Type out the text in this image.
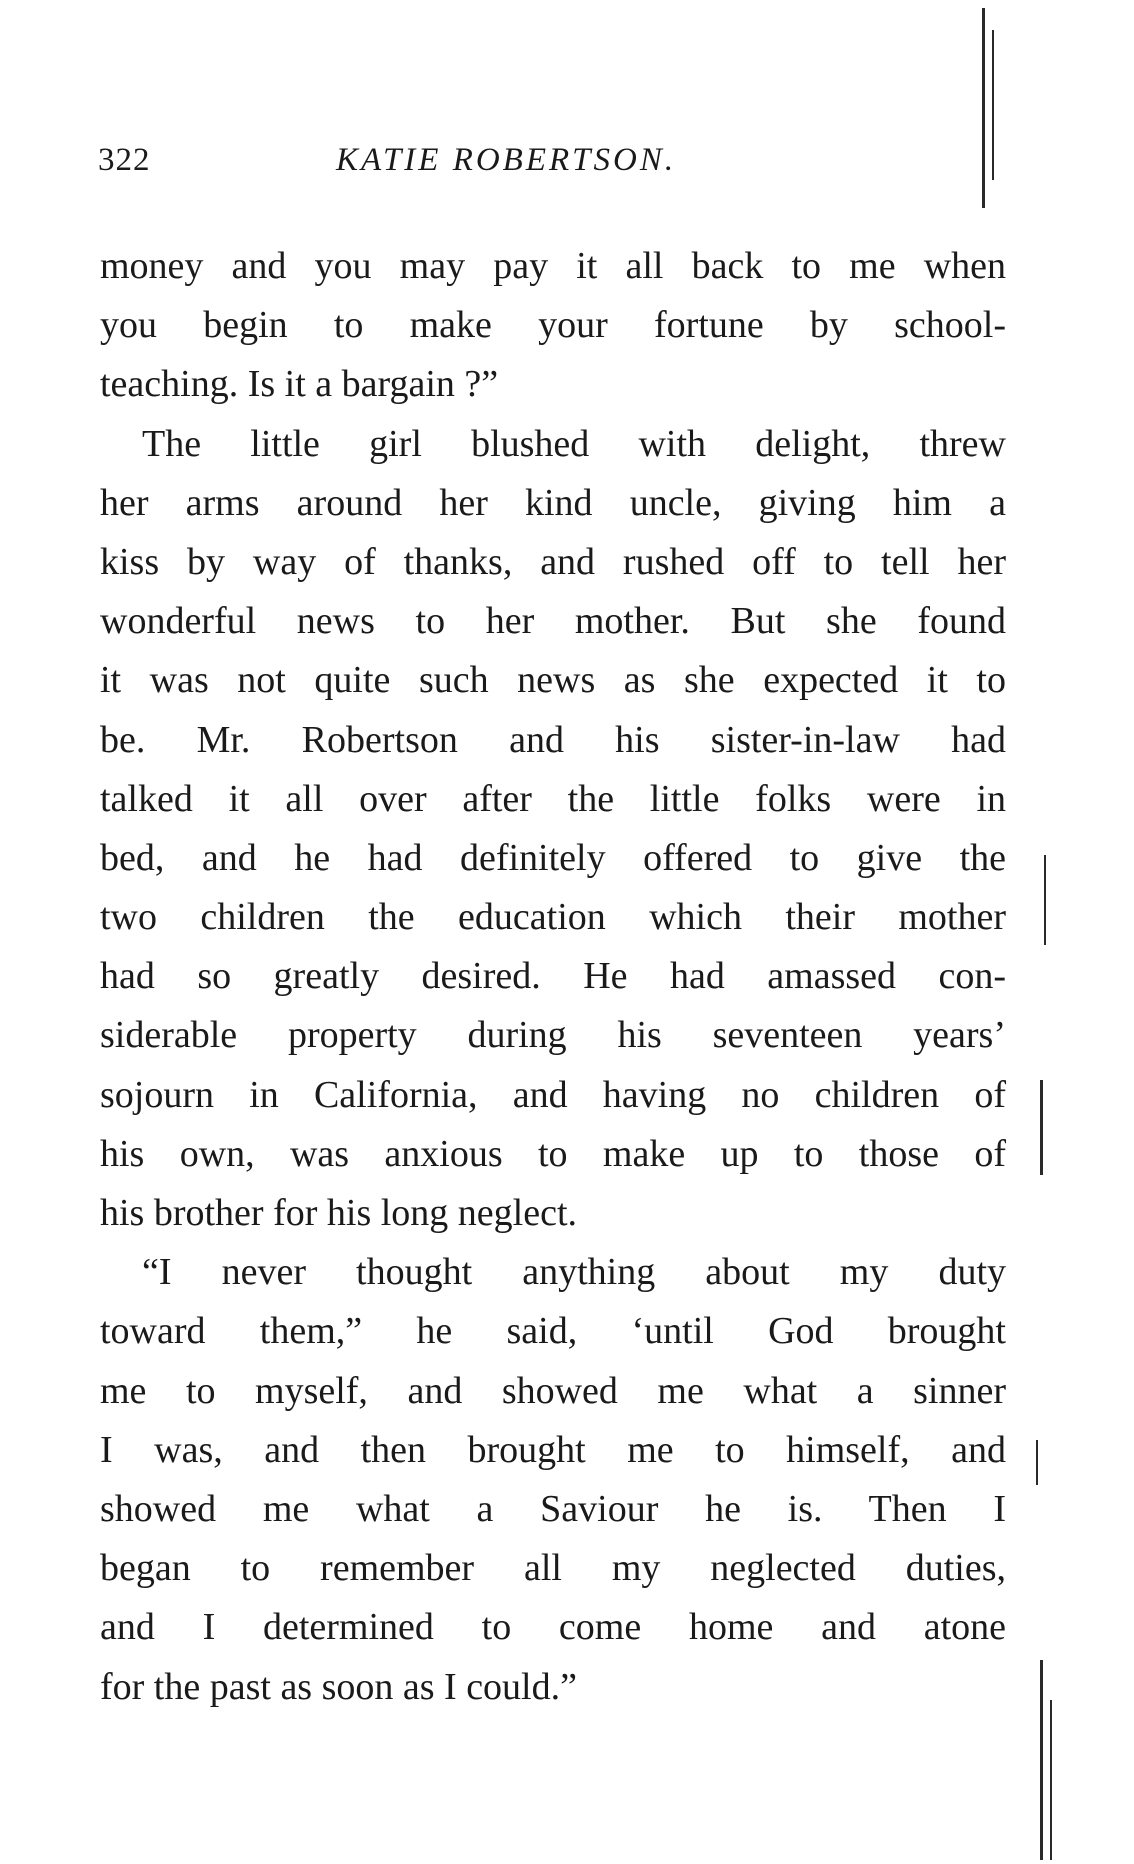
322	KATIE ROBERTSON.
money and you may pay it all back to me when
you begin to make your fortune by school-
teaching. Is it a bargain ?”
The little girl blushed with delight, threw
her arms around her kind uncle, giving him a
kiss by way of thanks, and rushed off to tell her
wonderful news to her mother. But she found
it was not quite such news as she expected it to
be. Mr. Robertson and his sister-in-law had
talked it all over after the little folks were in
bed, and he had definitely offered to give the
two children the education which their mother
had so greatly desired. He had amassed con-
siderable property during his seventeen years’
sojourn in California, and having no children of
his own, was anxious to make up to those of
his brother for his long neglect.
“I never thought anything about my duty
toward them,” he said, ‘until God brought
me to myself, and showed me what a sinner
I was, and then brought me to himself, and
showed me what a Saviour he is. Then I
began to remember all my neglected duties,
and I determined to come home and atone
for the past as soon as I could.”
